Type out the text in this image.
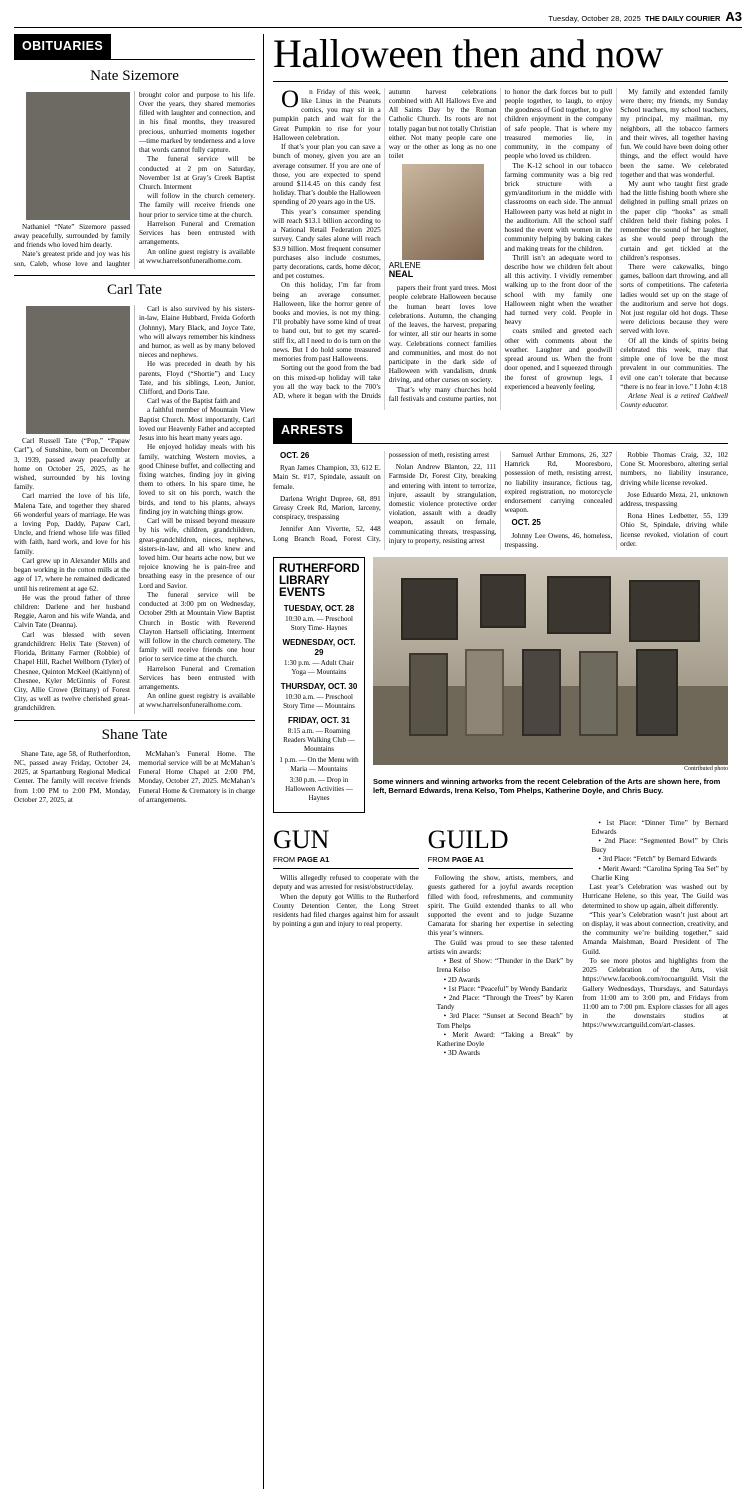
Tuesday, October 28, 2025 THE DAILY COURIER A3
OBITUARIES
Nate Sizemore

Nathaniel “Nate” Sizemore passed away peacefully, surrounded by family and friends who loved him dearly.

Nate’s greatest pride and joy was his son, Caleb, whose love and laughter brought color and purpose to his life. Over the years, they shared memories filled with laughter and connection, and in his final months, they treasured precious, unhurried moments together—time marked by tenderness and a love that words cannot fully capture.

The funeral service will be conducted at 2 pm on Saturday, November 1st at Gray’s Creek Baptist Church. Interment

will follow in the church cemetery. The family will receive friends one hour prior to service time at the church.

Harrelson Funeral and Cremation Services has been entrusted with arrangements.

An online guest registry is available at www.harrelsonfuneralhome.com.

Carl Tate

Carl Russell Tate (“Pop,” “Papaw Carl”), of Sunshine, born on December 3, 1939, passed away peacefully at home on October 25, 2025, as he wished, surrounded by his loving family.

Carl married the love of his life, Malena Tate, and together they shared 66 wonderful years of marriage. He was a loving Pop, Daddy, Papaw Carl, Uncle, and friend whose life was filled with faith, hard work, and love for his family.

Carl grew up in Alexander Mills and began working in the cotton mills at the age of 17, where he remained dedicated until his retirement at age 62.

He was the proud father of three children: Darlene and her husband Reggie, Aaron and his wife Wanda, and Calvin Tate (Deanna).

Carl was blessed with seven grandchildren: Helix Tate (Steven) of Florida, Brittany Farmer (Robbie) of Chapel Hill, Rachel Wellborn (Tyler) of Chesnee, Quinton McKeel (Kaitlynn) of Chesnee, Kyler McGinnis of Forest City, Allie Crowe (Brittany) of Forest City, as well as twelve cherished great-grandchildren.

Carl is also survived by his sisters-in-law, Elaine Hubbard, Freida Goforth (Johnny), Mary Black, and Joyce Tate, who will always remember his kindness and humor, as well as by many beloved nieces and nephews.

He was preceded in death by his parents, Floyd (“Shortie”) and Lucy Tate, and his siblings, Leon, Junior, Clifford, and Doris Tate.

Carl was of the Baptist faith and

a faithful member of Mountain View Baptist Church. Most importantly, Carl loved our Heavenly Father and accepted Jesus into his heart many years ago.

He enjoyed holiday meals with his family, watching Western movies, a good Chinese buffet, and collecting and fixing watches, finding joy in giving them to others. In his spare time, he loved to sit on his porch, watch the birds, and tend to his plants, always finding joy in watching things grow.

Carl will be missed beyond measure by his wife, children, grandchildren, great-grandchildren, nieces, nephews, sisters-in-law, and all who knew and loved him. Our hearts ache now, but we rejoice knowing he is pain-free and breathing easy in the presence of our Lord and Savior.

The funeral service will be conducted at 3:00 pm on Wednesday, October 29th at Mountain View Baptist Church in Bostic with Reverend Clayton Hartsell officiating. Interment will follow in the church cemetery. The family will receive friends one hour prior to service time at the church.

Harrelson Funeral and Cremation Services has been entrusted with arrangements.

An online guest registry is available at www.harrelsonfuneralhome.com.

Shane Tate

Shane Tate, age 58, of Rutherfordton, NC, passed away Friday, October 24, 2025, at Spartanburg Regional Medical Center. The family will receive friends from 1:00 PM to 2:00 PM, Monday, October 27, 2025, at

McMahan’s Funeral Home. The memorial service will be at McMahan’s Funeral Home Chapel at 2:00 PM, Monday, October 27, 2025. McMahan’s Funeral Home & Crematory is in charge of arrangements.

Halloween then and now

On Friday of this week, like Linus in the Peanuts comics, you may sit in a pumpkin patch and wait for the Great Pumpkin to rise for your Halloween celebration.

If that’s your plan you can save a bunch of money, given you are an average consumer. If you are one of those, you are expected to spend around $114.45 on this candy fest holiday. That’s double the Halloween spending of 20 years ago in the US.

This year’s consumer spending will reach $13.1 billion according to a National Retail Federation 2025 survey. Candy sales alone will reach $3.9 billion. Most frequent consumer purchases also include costumes, party decorations, cards, home décor, and pet costumes.

On this holiday, I’m far from being an average consumer. Halloween, like the horror genre of books and movies, is not my thing. I’ll probably have some kind of treat to hand out, but to get my scared-stiff fix, all I need to do is turn on the news. But I do hold some treasured memories from past Halloweens.

Sorting out the good from the bad on this mixed-up holiday will take you all the way back to the 700’s AD, where it began with the Druids autumn harvest celebrations combined with All Hallows Eve and All Saints Day by the Roman Catholic Church. Its roots are not totally pagan but not totally Christian either. Not many people care one way or the other as long as no one toilet

ARLENE
NEAL

papers their front yard trees. Most people celebrate Halloween because the human heart loves love celebrations. Autumn, the changing of the leaves, the harvest, preparing for winter, all stir our hearts in some way. Celebrations connect families and communities, and most do not participate in the dark side of Halloween with vandalism, drunk driving, and other curses on society.

That’s why many churches hold fall festivals and costume parties, not to honor the dark forces but to pull people together, to laugh, to enjoy the goodness of God together, to give children enjoyment in the company of safe people. That is where my treasured memories lie, in community, in the company of people who loved us children.

The K-12 school in our tobacco farming community was a big red brick structure with a gym/auditorium in the middle with classrooms on each side. The annual Halloween party was held at night in the auditorium. All the school staff hosted the event with women in the community helping by baking cakes and making treats for the children.

Thrill isn’t an adequate word to describe how we children felt about all this activity. I vividly remember walking up to the front door of the school with my family one Halloween night when the weather had turned very cold. People in heavy

coats smiled and greeted each other with comments about the weather. Laughter and goodwill spread around us. When the front door opened, and I squeezed through the forest of grownup legs, I experienced a heavenly feeling.

My family and extended family were there; my friends, my Sunday School teachers, my school teachers, my principal, my mailman, my neighbors, all the tobacco farmers and their wives, all together having fun. We could have been doing other things, and the effect would have been the same. We celebrated together and that was wonderful.

My aunt who taught first grade had the little fishing booth where she delighted in pulling small prizes on the paper clip “hooks” as small children held their fishing poles. I remember the sound of her laughter, as she would peep through the curtain and get tickled at the children’s responses.

There were cakewalks, bingo games, balloon dart throwing, and all sorts of competitions. The cafeteria ladies would set up on the stage of the auditorium and serve hot dogs. Not just regular old hot dogs. These were delicious because they were served with love.

Of all the kinds of spirits being celebrated this week, may that simple one of love be the most prevalent in our communities. The evil one can’t tolerate that because “there is no fear in love.” I John 4:18

Arlene Neal is a retired Caldwell County educator.

ARRESTS

OCT. 26

Ryan James Champion, 33, 612 E. Main St. #17, Spindale, assault on female.

Darlena Wright Dupree, 68, 891 Greasy Creek Rd, Marion, larceny, conspiracy, trespassing

Jennifer Ann Vivertte, 52, 448 Long Branch Road, Forest City, possession of meth, resisting arrest

Nolan Andrew Blanton, 22, 111 Farmside Dr, Forest City, breaking and entering with intent to terrorize, injure, assault by strangulation, domestic violence protective order violation, assault with a deadly weapon, assault on female, communicating threats, trespassing, injury to property, resisting arrest

Samuel Arthur Emmons, 26, 327 Hamrick Rd, Mooresboro, possession of meth, resisting arrest, no liability insurance, fictious tag, expired registration, no motorcycle endorsement carrying concealed weapon.

OCT. 25

Johnny Lee Owens, 46, homeless, trespassing.

Robbie Thomas Craig, 32, 102 Cone St. Mooresboro, altering serial numbers, no liability insurance, driving while license revoked.

Jose Eduardo Meza, 21, unknown address, trespassing

Rona Hines Ledbetter, 55, 139 Ohio St, Spindale, driving while license revoked, violation of court order.

RUTHERFORD LIBRARY EVENTS
TUESDAY, OCT. 28
10:30 a.m. — Preschool Story Time- Haynes
WEDNESDAY, OCT. 29
1:30 p.m. — Adult Chair Yoga — Mountains
THURSDAY, OCT. 30
10:30 a.m. — Preschool Story Time — Mountains
FRIDAY, OCT. 31
8:15 a.m. — Roaming Readers Walking Club — Mountains
1 p.m. — On the Menu with Maria — Mountains
3:30 p.m. — Drop in Halloween Activities — Haynes
Contributed photo
Some winners and winning artworks from the recent Celebration of the Arts are shown here, from left, Bernard Edwards, Irena Kelso, Tom Phelps, Katherine Doyle, and Chris Bucy.
GUN
FROM PAGE A1

Willis allegedly refused to cooperate with the deputy and was arrested for resist/obstruct/delay.

When the deputy got Willis to the Rutherford County Detention Center, the Long Street residents had filed charges against him for assault by pointing a gun and injury to real property.

GUILD
FROM PAGE A1

Following the show, artists, members, and guests gathered for a joyful awards reception filled with food, refreshments, and community spirit. The Guild extended thanks to all who supported the event and to judge Suzanne Camarata for sharing her expertise in selecting this year’s winners.

The Guild was proud to see these talented artists win awards:

• Best of Show: “Thunder in the Dark” by Irena Kelso

• 2D Awards

• 1st Place: “Peaceful” by Wendy Bandariz

• 2nd Place: “Through the Trees” by Karen Tandy

• 3rd Place: “Sunset at Second Beach” by Tom Phelps

• Merit Award: “Taking a Break” by Katherine Doyle

• 3D Awards

• 1st Place: “Dinner Time” by Bernard Edwards

• 2nd Place: “Segmented Bowl” by Chris Bucy

• 3rd Place: “Fetch” by Bernard Edwards

• Merit Award: “Carolina Spring Tea Set” by Charlie King

Last year’s Celebration was washed out by Hurricane Helene, so this year, The Guild was determined to show up again, albeit differently.

“This year’s Celebration wasn’t just about art on display, it was about connection, creativity, and the community we’re building together,” said Amanda Maishman, Board President of The Guild.

To see more photos and highlights from the 2025 Celebration of the Arts, visit https://www.facebook.com/rocoartguild. Visit the Gallery Wednesdays, Thursdays, and Saturdays from 11:00 am to 3:00 pm, and Fridays from 11:00 am to 7:00 pm. Explore classes for all ages in the downstairs studios at https://www.rcartguild.com/art-classes.
